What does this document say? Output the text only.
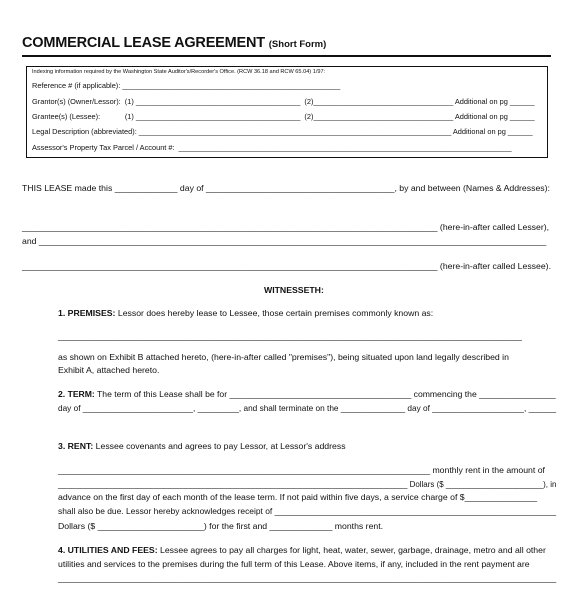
COMMERCIAL LEASE AGREEMENT (Short Form)
Indexing information required by the Washington State Auditor's/Recorder's Office. (RCW 36.18 and RCW 65.04) 1/97:
Reference # (if applicable): _____________________________________________________
Grantor(s) (Owner/Lessor):  (1) ________________________________________  (2)__________________________________ Additional on pg ______
Grantee(s) (Lessee):            (1) ________________________________________  (2)__________________________________ Additional on pg ______
Legal Description (abbreviated): ____________________________________________________________________________ Additional on pg ______
Assessor's Property Tax Parcel / Account #:  _________________________________________________________________________________
THIS LEASE made this _____________ day of _______________________________________, by and between (Names & Addresses):
______________________________________________________________________________________ (here-in-after called Lesser),
and _________________________________________________________________________________________________________
______________________________________________________________________________________ (here-in-after called Lessee).
WITNESSETH:
1. PREMISES: Lessor does hereby lease to Lessee, those certain premises commonly known as:
________________________________________________________________________________________________
as shown on Exhibit B attached hereto, (here-in-after called "premises"), being situated upon land legally described in
Exhibit A, attached hereto.
2. TERM: The term of this Lease shall be for ______________________________________ commencing the ________________
day of ________________________, _________, and shall terminate on the ______________ day of ____________________, ______
3. RENT: Lessee covenants and agrees to pay Lessor, at Lessor's address
_____________________________________________________________________________ monthly rent in the amount of
_______________________________________________________________________________ Dollars ($ ______________________), in
advance on the first day of each month of the lease term. If not paid within five days, a service charge of $_______________
shall also be due. Lessor hereby acknowledges receipt of ____________________________________________________________
Dollars ($ ______________________) for the first and _____________ months rent.
4. UTILITIES AND FEES: Lessee agrees to pay all charges for light, heat, water, sewer, garbage, drainage, metro and all other
utilities and services to the premises during the full term of this Lease. Above items, if any, included in the rent payment are
__________________________________________________________________________________________________________
